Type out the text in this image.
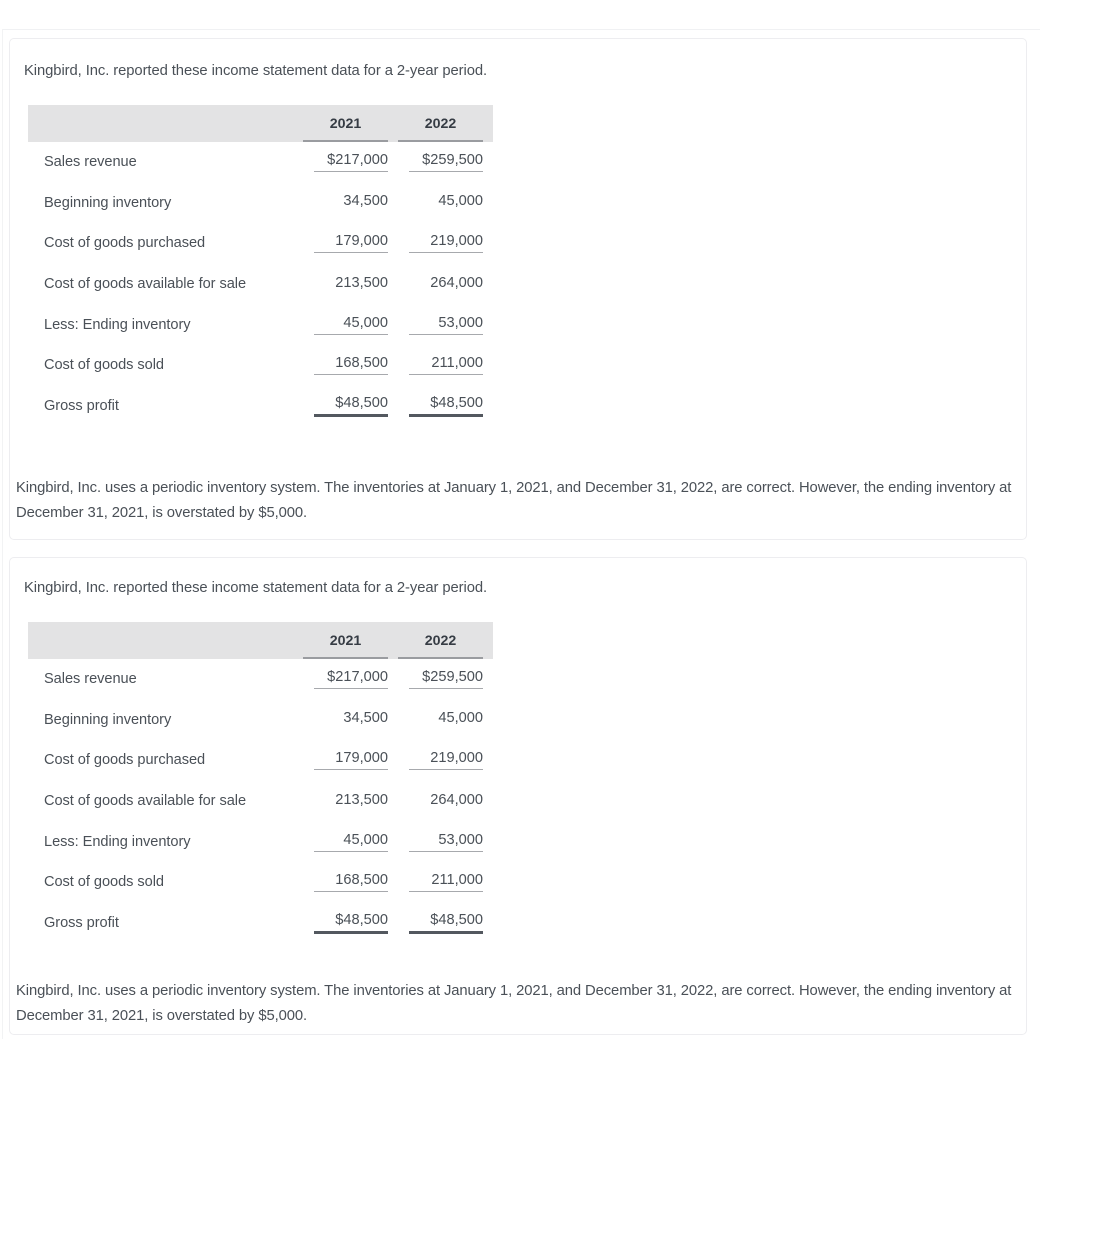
Kingbird, Inc. reported these income statement data for a 2-year period.

	2021	2022

Sales revenue	$217,000	$259,500
Beginning inventory	34,500	45,000
Cost of goods purchased	179,000	219,000
Cost of goods available for sale	213,500	264,000
Less: Ending inventory	45,000	53,000
Cost of goods sold	168,500	211,000
Gross profit	$48,500	$48,500
Kingbird, Inc. uses a periodic inventory system. The inventories at January 1, 2021, and December 31, 2022, are correct. However, the ending inventory at December 31, 2021, is overstated by $5,000.
Kingbird, Inc. reported these income statement data for a 2-year period.

	2021	2022

Sales revenue	$217,000	$259,500
Beginning inventory	34,500	45,000
Cost of goods purchased	179,000	219,000
Cost of goods available for sale	213,500	264,000
Less: Ending inventory	45,000	53,000
Cost of goods sold	168,500	211,000
Gross profit	$48,500	$48,500
Kingbird, Inc. uses a periodic inventory system. The inventories at January 1, 2021, and December 31, 2022, are correct. However, the ending inventory at December 31, 2021, is overstated by $5,000.
